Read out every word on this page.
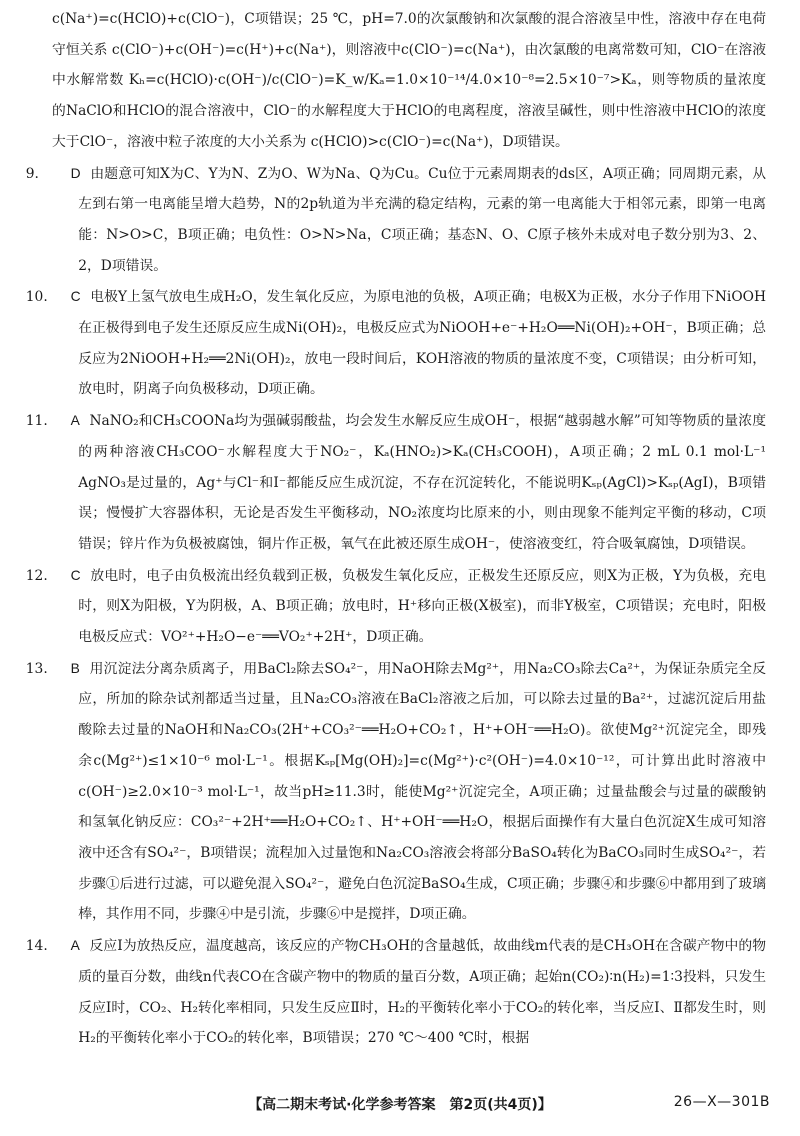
c(Na⁺)=c(HClO)+c(ClO⁻)，C项错误；25 ℃，pH=7.0的次氯酸钠和次氯酸的混合溶液呈中性，溶液中存在电荷守恒关系 c(ClO⁻)+c(OH⁻)=c(H⁺)+c(Na⁺)，则溶液中c(ClO⁻)=c(Na⁺)，由次氯酸的电离常数可知，ClO⁻在溶液中水解常数 Kₕ=c(HClO)·c(OH⁻)/c(ClO⁻)=K_w/Kₐ=1.0×10⁻¹⁴/4.0×10⁻⁸=2.5×10⁻⁷>Kₐ，则等物质的量浓度的NaClO和HClO的混合溶液中，ClO⁻的水解程度大于HClO的电离程度，溶液呈碱性，则中性溶液中HClO的浓度大于ClO⁻，溶液中粒子浓度的大小关系为 c(HClO)>c(ClO⁻)=c(Na⁺)，D项错误。

9. D 由题意可知X为C、Y为N、Z为O、W为Na、Q为Cu。Cu位于元素周期表的ds区，A项正确；同周期元素，从左到右第一电离能呈增大趋势，N的2p轨道为半充满的稳定结构，元素的第一电离能大于相邻元素，即第一电离能：N>O>C，B项正确；电负性：O>N>Na，C项正确；基态N、O、C原子核外未成对电子数分别为3、2、2，D项错误。

10. C 电极Y上氢气放电生成H₂O，发生氧化反应，为原电池的负极，A项正确；电极X为正极，水分子作用下NiOOH在正极得到电子发生还原反应生成Ni(OH)₂，电极反应式为NiOOH+e⁻+H₂O══Ni(OH)₂+OH⁻，B项正确；总反应为2NiOOH+H₂══2Ni(OH)₂，放电一段时间后，KOH溶液的物质的量浓度不变，C项错误；由分析可知，放电时，阴离子向负极移动，D项正确。

11. A NaNO₂和CH₃COONa均为强碱弱酸盐，均会发生水解反应生成OH⁻，根据“越弱越水解”可知等物质的量浓度的两种溶液CH₃COO⁻水解程度大于NO₂⁻，Kₐ(HNO₂)>Kₐ(CH₃COOH)，A项正确；2 mL 0.1 mol·L⁻¹ AgNO₃是过量的，Ag⁺与Cl⁻和I⁻都能反应生成沉淀，不存在沉淀转化，不能说明Kₛₚ(AgCl)>Kₛₚ(AgI)，B项错误；慢慢扩大容器体积，无论是否发生平衡移动，NO₂浓度均比原来的小，则由现象不能判定平衡的移动，C项错误；锌片作为负极被腐蚀，铜片作正极，氧气在此被还原生成OH⁻，使溶液变红，符合吸氧腐蚀，D项错误。

12. C 放电时，电子由负极流出经负载到正极，负极发生氧化反应，正极发生还原反应，则X为正极，Y为负极，充电时，则X为阳极，Y为阴极，A、B项正确；放电时，H⁺移向正极(X极室)，而非Y极室，C项错误；充电时，阳极电极反应式：VO²⁺+H₂O−e⁻══VO₂⁺+2H⁺，D项正确。

13. B 用沉淀法分离杂质离子，用BaCl₂除去SO₄²⁻，用NaOH除去Mg²⁺，用Na₂CO₃除去Ca²⁺，为保证杂质完全反应，所加的除杂试剂都适当过量，且Na₂CO₃溶液在BaCl₂溶液之后加，可以除去过量的Ba²⁺，过滤沉淀后用盐酸除去过量的NaOH和Na₂CO₃(2H⁺+CO₃²⁻══H₂O+CO₂↑，H⁺+OH⁻══H₂O)。欲使Mg²⁺沉淀完全，即残余c(Mg²⁺)≤1×10⁻⁶ mol·L⁻¹。根据Kₛₚ[Mg(OH)₂]=c(Mg²⁺)·c²(OH⁻)=4.0×10⁻¹²，可计算出此时溶液中c(OH⁻)≥2.0×10⁻³ mol·L⁻¹，故当pH≥11.3时，能使Mg²⁺沉淀完全，A项正确；过量盐酸会与过量的碳酸钠和氢氧化钠反应：CO₃²⁻+2H⁺══H₂O+CO₂↑、H⁺+OH⁻══H₂O，根据后面操作有大量白色沉淀X生成可知溶液中还含有SO₄²⁻，B项错误；流程加入过量饱和Na₂CO₃溶液会将部分BaSO₄转化为BaCO₃同时生成SO₄²⁻，若步骤①后进行过滤，可以避免混入SO₄²⁻，避免白色沉淀BaSO₄生成，C项正确；步骤④和步骤⑥中都用到了玻璃棒，其作用不同，步骤④中是引流，步骤⑥中是搅拌，D项正确。

14. A 反应Ⅰ为放热反应，温度越高，该反应的产物CH₃OH的含量越低，故曲线m代表的是CH₃OH在含碳产物中的物质的量百分数，曲线n代表CO在含碳产物中的物质的量百分数，A项正确；起始n(CO₂)∶n(H₂)=1∶3投料，只发生反应Ⅰ时，CO₂、H₂转化率相同，只发生反应Ⅱ时，H₂的平衡转化率小于CO₂的转化率，当反应Ⅰ、Ⅱ都发生时，则H₂的平衡转化率小于CO₂的转化率，B项错误；270 ℃～400 ℃时，根据

【高二期末考试·化学参考答案　第2页(共4页)】	26—X—301B
